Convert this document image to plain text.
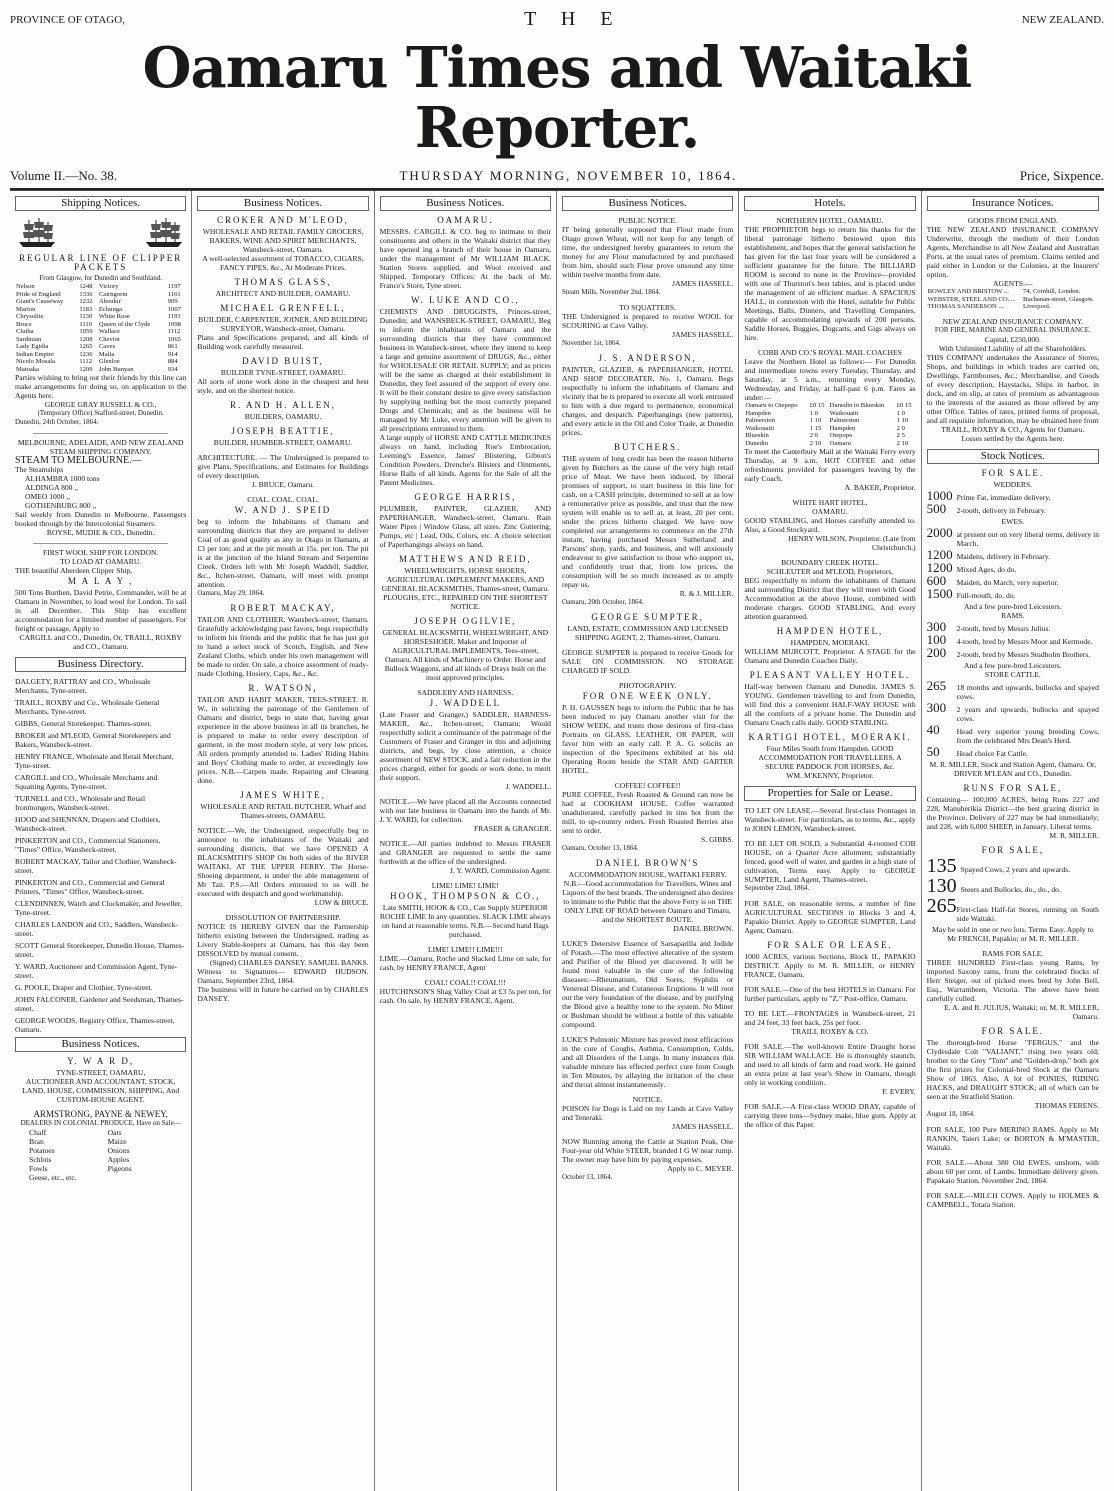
PROVINCE OF OTAGO,	T H E	NEW ZEALAND.
Oamaru Times and Waitaki Reporter.
Volume II.—No. 38.	THURSDAY MORNING, NOVEMBER 10, 1864.	Price, Sixpence.
Shipping Notices.
REGULAR LINE OF CLIPPER PACKETS
From Glasgow, for Dunedin and Southland.
Nelson	1248	Victory	1197
Pride of England	1336	Cairngorm	1161
Giant's Causeway	1232	Aboukir	909
Marion	1183	Echunga	1007
Chrysolite	1130	White Rose	1193
Bruce	1110	Queen of the Clyde	1098
Clutha	1059	Wallace	1112
Sardinian	1208	Cheviot	1065
Lady Egidia	1265	Caves	861
Indian Empire	1236	Malta	914
Nicolo Mosala	1112	Glenloe	884
Matoaka	1209	John Bunyan	934
Parties wishing to bring out their friends by this line can make arrangements for doing so, on application to the Agents here.
GEORGE GRAY RUSSELL & CO.,
(Temporary Office) Stafford-street, Dunedin.
Dunedin, 24th October, 1864.
MELBOURNE, ADELAIDE, AND NEW ZEALAND STEAM SHIPPING COMPANY.
STEAM TO MELBOURNE.—
The Steamships
ALHAMBRA 1000 tons
ALDINGA 800 ,,
OMEO 1000 ,,
GOTHENBURG 800 ,,
Sail weekly from Dunedin to Melbourne. Passengers booked through by the Intercolonial Steamers.
ROYSE, MUDIE & CO., Dunedin.
FIRST WOOL SHIP FOR LONDON.
TO LOAD AT OAMARU.
THE beautiful Aberdeen Clipper Ship,
M A L A Y ,
500 Tons Burthen, David Petrie, Commander, will be at Oamaru in November, to load wool for London. To sail in all December. This Ship has excellent accommodation for a limited number of passengers. For freight or passage, Apply to
CARGILL and CO., Dunedin, Or, TRAILL, ROXBY and CO., Oamaru.
Business Directory.
DALGETY, RATTRAY and CO., Wholesale Merchants, Tyne-street.
TRAILL, ROXBY and Co., Wholesale General Merchants, Tyne-street.
GIBBS, General Storekeeper, Thames-street.
BROKER and M'LEOD, General Storekeepers and Bakers, Wansbeck-street.
HENRY FRANCE, Wholesale and Retail Merchant, Tyne-street.
CARGILL and CO., Wholesale Merchants and Squatting Agents, Tyne-street.
TURNELL and CO., Wholesale and Retail Ironmongers, Wansbeck-street.
HOOD and SHENNAN, Drapers and Clothiers, Wansbeck-street.
PINKERTON and CO., Commercial Stationers, "Times" Office, Wansbeck-street.
ROBERT MACKAY, Tailor and Clothier, Wansbeck-street.
PINKERTON and CO., Commercial and General Printers, "Times" Office, Wansbeck-street.
CLENDINNEN, Watch and Clockmaker, and Jeweller, Tyne-street.
CHARLES LANDON and CO., Saddlers, Wansbeck-street.
SCOTT General Storekeeper, Dunedin House, Thames-street.
Y. WARD, Auctioneer and Commission Agent, Tyne-street.
G. POOLE, Draper and Clothier, Tyne-street.
JOHN FALCONER, Gardener and Seedsman, Thames-street.
GEORGE WOODS, Registry Office, Thames-street, Oamaru.
Business Notices.
Y. W A R D,
TYNE-STREET, OAMARU,
AUCTIONEER AND ACCOUNTANT, STOCK, LAND, HOUSE, COMMISSION, SHIPPING, And CUSTOM-HOUSE AGENT.
ARMSTRONG, PAYNE & NEWEY,
DEALERS IN COLONIAL PRODUCE, Have on Sale—
Chaff	Oats
Bran	Maize
Potatoes	Onions
Schlots	Apples
Fowls	Pigeons
Geese, etc., etc.
Business Notices.
CROKER AND M'LEOD,
WHOLESALE AND RETAIL FAMILY GROCERS, BAKERS, WINE AND SPIRIT MERCHANTS, Wansbeck-street, Oamaru.
A well-selected assortment of TOBACCO, CIGARS, FANCY PIPES, &c., At Moderate Prices.
THOMAS GLASS,
ARCHITECT AND BUILDER, OAMARU.
MICHAEL GRENFELL,
BUILDER, CARPENTER, JOINER, AND BUILDING SURVEYOR, Wansbeck-street, Oamaru.
Plans and Specifications prepared, and all kinds of Building work carefully measured.
DAVID BUIST,
BUILDER TYNE-STREET, OAMARU.
All sorts of stone work done in the cheapest and best style, and on the shortest notice.
R. AND H. ALLEN,
BUILDERS, OAMARU.
JOSEPH BEATTIE,
BUILDER, HUMBER-STREET, OAMARU.
ARCHITECTURE. — The Undersigned is prepared to give Plans, Specifications, and Estimates for Buildings of every description.
J. BRUCE, Oamaru.
COAL. COAL. COAL.
W. AND J. SPEID
beg to inform the Inhabitants of Oamaru and surrounding districts that they are prepared to deliver Coal of as good quality as any in Otago in Oamaru, at £3 per ton; and at the pit mouth at 15s. per ton. The pit is at the junction of the Island Stream and Serpentine Creek. Orders left with Mr Joseph Waddell, Saddler, &c., Itchen-street, Oamaru, will meet with prompt attention.
Oamaru, May 29, 1864.
ROBERT MACKAY,
TAILOR AND CLOTHIER, Wansbeck-street, Oamaru. Gratefully acknowledging past favors, begs respectfully to inform his friends and the public that he has just got to hand a select stock of Scotch, English, and New Zealand Cloths, which under his own management will be made to order. On sale, a choice assortment of ready-made Clothing, Hosiery, Caps, &c., &c.
R. WATSON,
TAILOR AND HABIT MAKER, TEES-STREET. R. W., in soliciting the patronage of the Gentlemen of Oamaru and district, begs to state that, having great experience in the above business in all its branches, he is prepared to make to order every description of garment, in the most modern style, at very low prices. All orders promptly attended to. Ladies' Riding Habits and Boys' Clothing made to order, at exceedingly low prices. N.B.—Carpets made. Repairing and Cleaning done.
JAMES WHITE,
WHOLESALE AND RETAIL BUTCHER, Wharf and Thames-streets, OAMARU.
NOTICE.—We, the Undersigned, respectfully beg to announce to the inhabitants of the Waitaki and surrounding districts, that we have OPENED A BLACKSMITH'S SHOP On both sides of the RIVER WAITAKI, AT THE UPPER FERRY. The Horse-Shoeing department, is under the able management of Mr Tait. P.S.—All Orders entrusted to us will be executed with despatch and good workmanship.
LOW & BRUCE.
DISSOLUTION OF PARTNERSHIP.
NOTICE IS HEREBY GIVEN that the Partnership hitherto existing between the Undersigned, trading as Livery Stable-keepers at Oamaru, has this day been DISSOLVED by mutual consent.
(Signed) CHARLES DANSEY. SAMUEL BANKS.
Witness to Signatures— EDWARD HUDSON. Oamaru, September 23rd, 1864.
The business will in future be carried on by CHARLES DANSEY.
Business Notices.
OAMARU.
MESSRS. CARGILL & CO. beg to intimate to their constituents and others in the Waitaki district that they have opened ing a branch of their house in Oamaru, under the management of Mr WILLIAM BLACK. Station Stores supplied, and Wool received and Shipped. Temporary Offices: At the back of Mr. France's Store, Tyne street.
W. LUKE AND CO.,
CHEMISTS AND DRUGGISTS, Princes-street, Dunedin; and WANSBECK-STREET, OAMARU, Beg to inform the inhabitants of Oamaru and the surrounding districts that they have commenced business in Wansbeck-street, where they intend to keep a large and genuine assortment of DRUGS, &c., either for WHOLESALE OR RETAIL SUPPLY; and as prices will be the same as charged at their establishment in Dunedin, they feel assured of the support of every one. It will be their constant desire to give every satisfaction by supplying nothing but the most correctly prepared Drugs and Chemicals; and as the business will be managed by Mr Luke, every attention will be given to all prescriptions entrusted to them.
A large supply of HORSE AND CATTLE MEDICINES always on hand, including Roe's Embrocation, Leeming's Essence, James' Blistering, Gibton's Condition Powders, Drenche's Blisters and Ointments, Horse Balls of all kinds. Agents for the Sale of all the Patent Medicines.
GEORGE HARRIS,
PLUMBER, PAINTER, GLAZIER, AND PAPERHANGER, Wansbeck-street, Oamaru. Rain Water Pipes | Window Glass, all sizes. Zinc Guttering, Pumps, etc | Lead, Oils, Colors, etc. A choice selection of Paperhangings always on hand.
MATTHEWS AND REID,
WHEELWRIGHTS, HORSE SHOERS, AGRICULTURAL IMPLEMENT MAKERS, AND GENERAL BLACKSMITHS, Thames-street, Oamaru. PLOUGHS, ETC., REPAIRED ON THE SHORTEST NOTICE.
JOSEPH OGILVIE,
GENERAL BLACKSMITH, WHEELWRIGHT, AND HORSESHOER. Maker and Importer of AGRICULTURAL IMPLEMENTS, Tees-street, Oamaru. All kinds of Machinery to Order. Horse and Bullock Waggons, and all kinds of Drays built on the most approved principles.
SADDLERY AND HARNESS.
J. WADDELL
(Late Fraser and Granger,) SADDLER, HARNESS-MAKER, &c., Itchen-street, Oamaru; Would respectfully solicit a continuance of the patronage of the Customers of Fraser and Granger in this and adjoining districts, and begs, by close attention, a choice assortment of NEW STOCK, and a fair reduction in the prices charged, either for goods or work done, to merit their support.
J. WADDELL.
NOTICE.—We have placed all the Accounts connected with our late business in Oamaru into the hands of Mr. J. Y. WARD, for collection.
FRASER & GRANGER.
NOTICE.—All parties indebted to Messrs FRASER and GRANGER are requested to settle the same forthwith at the office of the undersigned.
J. Y. WARD, Commission Agent.
LIME! LIME! LIME!
HOOK, THOMPSON & CO.,
Late SMITH, HOOK & CO., Can Supply SUPERIOR ROCHE LIME In any quantities. SLACK LIME always on hand at reasonable terms. N.B.—Second hand Bags purchased.
LIME! LIME!! LIME!!!
LIME.—Oamaru, Roche and Slacked Lime on sale, for cash, by HENRY FRANCE, Agent
COAL! COAL!! COAL!!!
HUTCHINSON'S Shag Valley Coal at £3 5s per ton, for cash. On sale, by HENRY FRANCE, Agent.
Business Notices.
PUBLIC NOTICE.
IT being generally supposed that Flour made from Otago grown Wheat, will not keep for any length of time, the undersigned hereby guarantees to return the money for any Flour manufactured by and purchased from him, should such Flour prove unsound any time within twelve months from date.
JAMES HASSELL.
Steam Mills, November 2nd, 1864.
TO SQUATTERS.
THE Undersigned is prepared to receive WOOL for SCOURING at Cave Valley.
JAMES HASSELL.
November 1st, 1864.
J. S. ANDERSON,
PAINTER, GLAZIER, & PAPERHANGER, HOTEL AND SHOP DECORATER, No. 1, Oamaru, Begs respectfully to inform the inhabitants of Oamaru and vicinity that he is prepared to execute all work entrusted to him with a due regard to permanence, economical charges, and despatch. Paperhangings (new patterns), and every article in the Oil and Color Trade, at Dunedin prices.
BUTCHERS.
THE system of long credit has been the reason hitherto given by Butchers as the cause of the very high retail price of Meat. We have been induced, by liberal promises of support, to start business in this line for cash, on a CASH principle, determined to sell at as low a remunerative price as possible, and trust that the new system will enable us to sell at, at least, 20 per cent. under the prices hitherto charged. We have now completed our arrangements to commence on the 27th instant, having purchased Messrs Sutherland and Parsons' shop, yards, and business, and will anxiously endeavour to give satisfaction to those who support us, and confidently trust that, from low prices, the consumption will be so much increased as to amply repay us.
R. & J. MILLER.
Oamaru, 20th October, 1864.
GEORGE SUMPTER,
LAND, ESTATE, COMMISSION AND LICENSED SHIPPING AGENT, 2, Thames-street, Oamaru.
GEORGE SUMPTER is prepared to receive Goods for SALE ON COMMISSION. NO STORAGE CHARGED IF SOLD.
PHOTOGRAPHY.
FOR ONE WEEK ONLY.
P. H. GAUSSEN begs to inform the Public that he has been induced to pay Oamaru another visit for the SHOW WEEK, and trusts those desirous of first-class Portraits on GLASS, LEATHER, OR PAPER, will favor him with an early call. P. A. G. solicits an inspection of the Specimens exhibited at his old Operating Room beside the STAR AND GARTER HOTEL.
COFFEE! COFFEE!!
PURE COFFEE, Fresh Roasted & Ground can now be had at COOKHAM HOUSE. Coffee warranted unadulterated, carefully packed in tins hot from the mill, to up-country orders. Fresh Roasted Berries also sent to order.
S. GIBBS.
Oamaru, October 13, 1864.
DANIEL BROWN'S
ACCOMMODATION HOUSE, WAITAKI FERRY. N.B.—Good accommodation for Travellers. Wines and Liquors of the best brands. The undersigned also desires to intimate to the Public that the above Ferry is on THE ONLY LINE OF ROAD between Oamaru and Timaru, and the SHORTEST ROUTE.
DANIEL BROWN.
LUKE'S Detersive Essence of Sarsaparilla and Iodide of Potash.—The most effective alterative of the system and Purifier of the Blood yet discovered. It will be found most valuable in the cure of the following diseases:—Rheumatism, Old Sores, Syphilis or Venereal Disease, and Cutaneous Eruptions. It will root out the very foundation of the disease, and by purifying the Blood give a healthy tone to the system. No Miner or Bushman should be without a bottle of this valuable compound.
LUKE'S Pulmonic Mixture has proved most efficacious in the cure of Coughs, Asthma, Consumption, Colds, and all Disorders of the Lungs. In many instances this valuable mixture has effected perfect cure from Cough in Ten Minutes, by allaying the irritation of the chest and throat almost instantaneously.
NOTICE.
POISON for Dogs is Laid on my Lands at Cave Valley and Teneraki.
JAMES HASSELL.
NOW Running among the Cattle at Station Peak, One Four-year old White STEER, branded I G W near rump. The owner may have him by paying expenses.
Apply to C. MEYER.
October 13, 1864.
Hotels.
NORTHERN HOTEL, OAMARU.
THE PROPRIETOR begs to return his thanks for the liberal patronage hitherto bestowed upon this establishment, and hopes that the general satisfaction he has given for the last four years will be considered a sufficient guarantee for the future. The BILLIARD ROOM is second to none in the Province—provided with one of Thurston's best tables, and is placed under the management of an efficient marker. A SPACIOUS HALL, in connexion with the Hotel, suitable for Public Meetings, Balls, Dinners, and Travelling Companies, capable of accommodating upwards of 200 persons. Saddle Horses, Buggies, Dogcarts, and Gigs always on hire.
COBB AND CO.'S ROYAL MAIL COACHES
Leave the Northern Hotel as follows:— For Dunedin and intermediate towns every Tuesday, Thursday, and Saturday, at 5 a.m., returning every Monday, Wednesday, and Friday, at half-past 6 p.m. Fares as under:—
Oamaru to Otepopo	£0 15	Dunedin to Blueskin	£0 15
Hampden	1 0	Waikouaiti	1 0
Palmerston	1 10	Palmerston	1 10
Waikouaiti	1 15	Hampden	2 0
Blueskin	2 0	Otepopo	2 5
Dunedin	2 10	Oamaru	2 10
To meet the Canterbury Mail at the Waitaki Ferry every Thursday, at 9 a.m. HOT COFFEE and other refreshments provided for passengers leaving by the early Coach.
A. BAKER, Proprietor.
WHITE HART HOTEL,
OAMARU.
GOOD STABLING, and Horses carefully attended to. Also, a Good Stockyard.
HENRY WILSON, Proprietor. (Late from Christchurch.)
BOUNDARY CREEK HOTEL.
SCHLEUTER and M'LEOD, Proprietors,
BEG respectfully to inform the inhabitants of Oamaru and surrounding District that they will meet with Good Accommodation at the above House, combined with moderate charges. GOOD STABLING, And every attention guaranteed.
HAMPDEN HOTEL,
HAMPDEN, MOERAKI.
WILLIAM MURCOTT, Proprietor. A STAGE for the Oamaru and Dunedin Coaches Daily.
PLEASANT VALLEY HOTEL.
Half-way between Oamaru and Dunedin. JAMES S. YOUNG. Gentlemen travelling to and from Dunedin, will find this a convenient HALF-WAY HOUSE with all the comforts of a private home. The Dunedin and Oamaru Coach calls daily. GOOD STABLING.
KARTIGI HOTEL, MOERAKI.
Four Miles South from Hampden. GOOD ACCOMMODATION FOR TRAVELLERS. A SECURE PADDOCK FOR HORSES, &c.
WM. M'KENNY, Proprietor.
Properties for Sale or Lease.
TO LET ON LEASE.—Several first-class Frontages in Wansbeck-street. For particulars, as to terms, &c., apply to JOHN LEMON, Wansbeck-street.
TO BE LET OR SOLD, a Substantial 4-roomed COB HOUSE, on a Quarter Acre allotment; substantially fenced, good well of water, and garden in a high state of cultivation. Terms easy. Apply to GEORGE SUMPTER, Land Agent, Thames-street.
September 22nd, 1864.
FOR SALE, on reasonable terms, a number of fine AGRICULTURAL SECTIONS in Blocks 3 and 4, Papakio District. Apply to GEORGE SUMPTER, Land Agent, Oamaru.
FOR SALE OR LEASE.
1000 ACRES, various Sections, Block II., PAPAKIO DISTRICT. Apply to M. R. MILLER, or HENRY FRANCE, Oamaru.
FOR SALE.—One of the best HOTELS in Oamaru. For further particulars, apply to "Z," Post-office, Oamaru.
TO BE LET.—FRONTAGES in Wansbeck-street, 21 and 24 feet, 33 feet back, 25s per foot.
TRAILL ROXBY & CO.
FOR SALE.—The well-known Entire Draught horse SIR WILLIAM WALLACE. He is thoroughly staunch, and used to all kinds of farm and road work. He gained an extra prize at last year's Show in Oamaru, though only in working condition.
F. EVERY.
FOR SALE.—A First-class WOOD DRAY, capable of carrying three tons—Sydney make, blue gum. Apply at the office of this Paper.
Insurance Notices.
GOODS FROM ENGLAND.
THE NEW ZEALAND INSURANCE COMPANY Underwrite, through the medium of their London Agents, Merchandise to all New Zealand and Australian Ports, at the usual rates of premium. Claims settled and paid either in London or the Colonies, at the Insurers' option.
AGENTS:—
BOWLEY AND BRISTOW ...	74, Cornhill, London.
WEBSTER, STEEL AND CO. ...	Buchanan-street, Glasgow.
THOMAS SANDERSON ...	Liverpool.
NEW ZEALAND INSURANCE COMPANY.
FOR FIRE, MARINE AND GENERAL INSURANCE.
Capital, £250,000.
With Unlimited Liability of all the Shareholders.
THIS COMPANY undertakes the Assurance of Stores, Shops, and buildings in which trades are carried on; Dwellings, Farmhouses, &c.; Merchandise, and Goods of every description, Haystacks, Ships in harbor, in dock, and on slip, at rates of premium as advantageous to the interests of the assured as those offered by any other Office. Tables of rates, printed forms of proposal, and all requisite information, may be obtained here from
TRAILL, ROXBY & CO., Agents for Oamaru.
Losses settled by the Agents here.
Stock Notices.
FOR SALE.
WEDDERS.
1000 Prime Fat, immediate delivery.
500	2-tooth, delivery in February.
EWES.
2000 at present out on very liberal terms, delivery in March.
1200 Maidens, delivery in February.
1200 Mixed Ages, do do.
600	Maiden, do March, very superior.
1500 Full-mouth, do. do.
And a few pure-bred Leicesters.
RAMS.
300	2-tooth, bred by Messrs Julius.
100	4-tooth, bred by Messrs Moor and Kermode.
200	2-tooth, bred by Messrs Studholm Brothers.
And a few pure-bred Leicesters.
STORE CATTLE.
265	18 months and upwards, bullocks and spayed cows.
300	2 years and upwards, bullocks and spayed cows.
40	Head very superior young breeding Cows, from the celebrated Mrs Dean's Herd.
50	Head choice Fat Cattle.
M. R. MILLER, Stock and Station Agent, Oamaru. Or, DRIVER M'LEAN and CO., Dunedin.
RUNS FOR SALE,
Containing— 100,000 ACRES, being Runs 227 and 228, Manuherikia District—the best grazing district in the Province. Delivery of 227 may be had immediately; and 228, with 6,000 SHEEP, in January. Liberal terms.
M. R. MILLER.
FOR SALE,
135 Spayed Cows, 2 years and upwards.
130 Steers and Bullocks, do., do., do.
265 First-class Half-fat Stores, running on South side Waitaki.
May be sold in one or two lots. Terms Easy. Apply to Mr FRENCH, Papakio; or M. R. MILLER.
RAMS FOR SALE.
THREE HUNDRED First-class young Rams, by imported Saxony rams, from the celebrated flocks of Herr Steiger, out of picked ewes bred by John Bell, Esq., Warrambeen, Victoria. The above have been carefully culled.
E. A. and R. JULIUS, Waitaki; or, M. R. MILLER, Oamaru.
FOR SALE.
The thorough-bred Horse "FERGUS," and the Clydesdale Colt "VALIANT," rising two years old; brother to the Grey "Tom" and "Golden-drop," both got the first prizes for Colonial-bred Stock at the Oamaru Show of 1863. Also, A lot of PONIES, RIDING HACKS, and DRAUGHT STOCK; all of which can be seen at the Stratfield Station.
THOMAS FERENS.
August 18, 1864.
FOR SALE, 100 Pure MERINO RAMS. Apply to Mr RANKIN, Taieri Lake; or BORTON & M'MASTER, Waitaki.
FOR SALE.—About 380 Old EWES, unshorn, with about 60 per cent. of Lambs. Immediate delivery given. Papakaio Station, November 2nd, 1864.
FOR SALE.—MILCH COWS. Apply to HOLMES & CAMPBELL, Totara Station.
